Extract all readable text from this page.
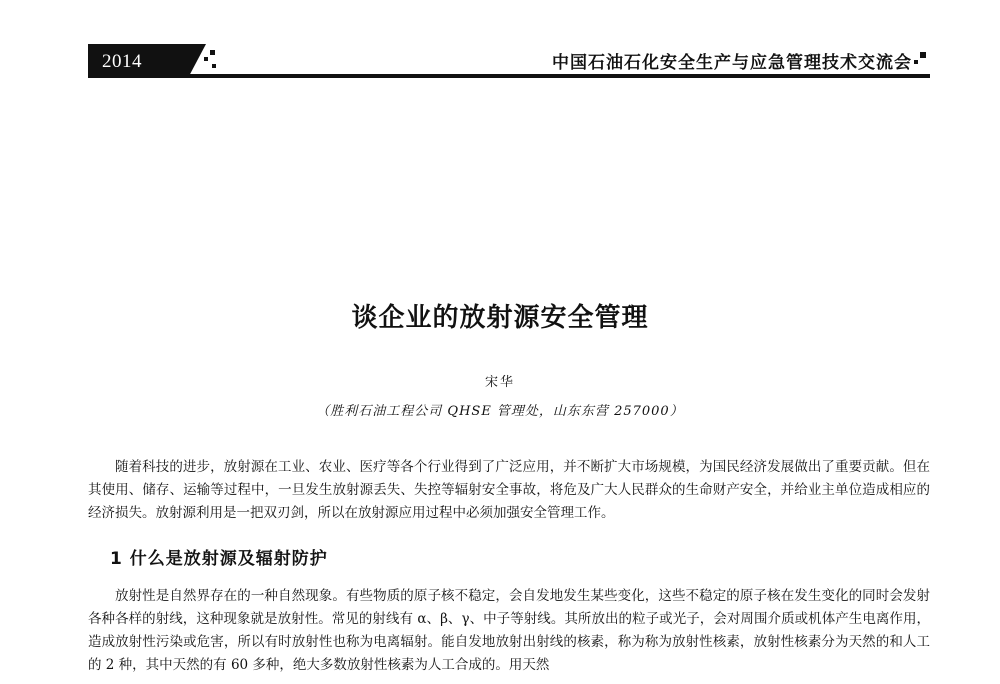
2014	中国石油石化安全生产与应急管理技术交流会
谈企业的放射源安全管理
宋华
（胜利石油工程公司 QHSE 管理处，山东东营 257000）

随着科技的进步，放射源在工业、农业、医疗等各个行业得到了广泛应用，并不断扩大市场规模，为国民经济发展做出了重要贡献。但在其使用、储存、运输等过程中，一旦发生放射源丢失、失控等辐射安全事故，将危及广大人民群众的生命财产安全，并给业主单位造成相应的经济损失。放射源利用是一把双刃剑，所以在放射源应用过程中必须加强安全管理工作。

1 什么是放射源及辐射防护

放射性是自然界存在的一种自然现象。有些物质的原子核不稳定，会自发地发生某些变化，这些不稳定的原子核在发生变化的同时会发射各种各样的射线，这种现象就是放射性。常见的射线有 α、β、γ、中子等射线。其所放出的粒子或光子，会对周围介质或机体产生电离作用，造成放射性污染或危害，所以有时放射性也称为电离辐射。能自发地放射出射线的核素，称为称为放射性核素，放射性核素分为天然的和人工的 2 种，其中天然的有 60 多种，绝大多数放射性核素为人工合成的。用天然
